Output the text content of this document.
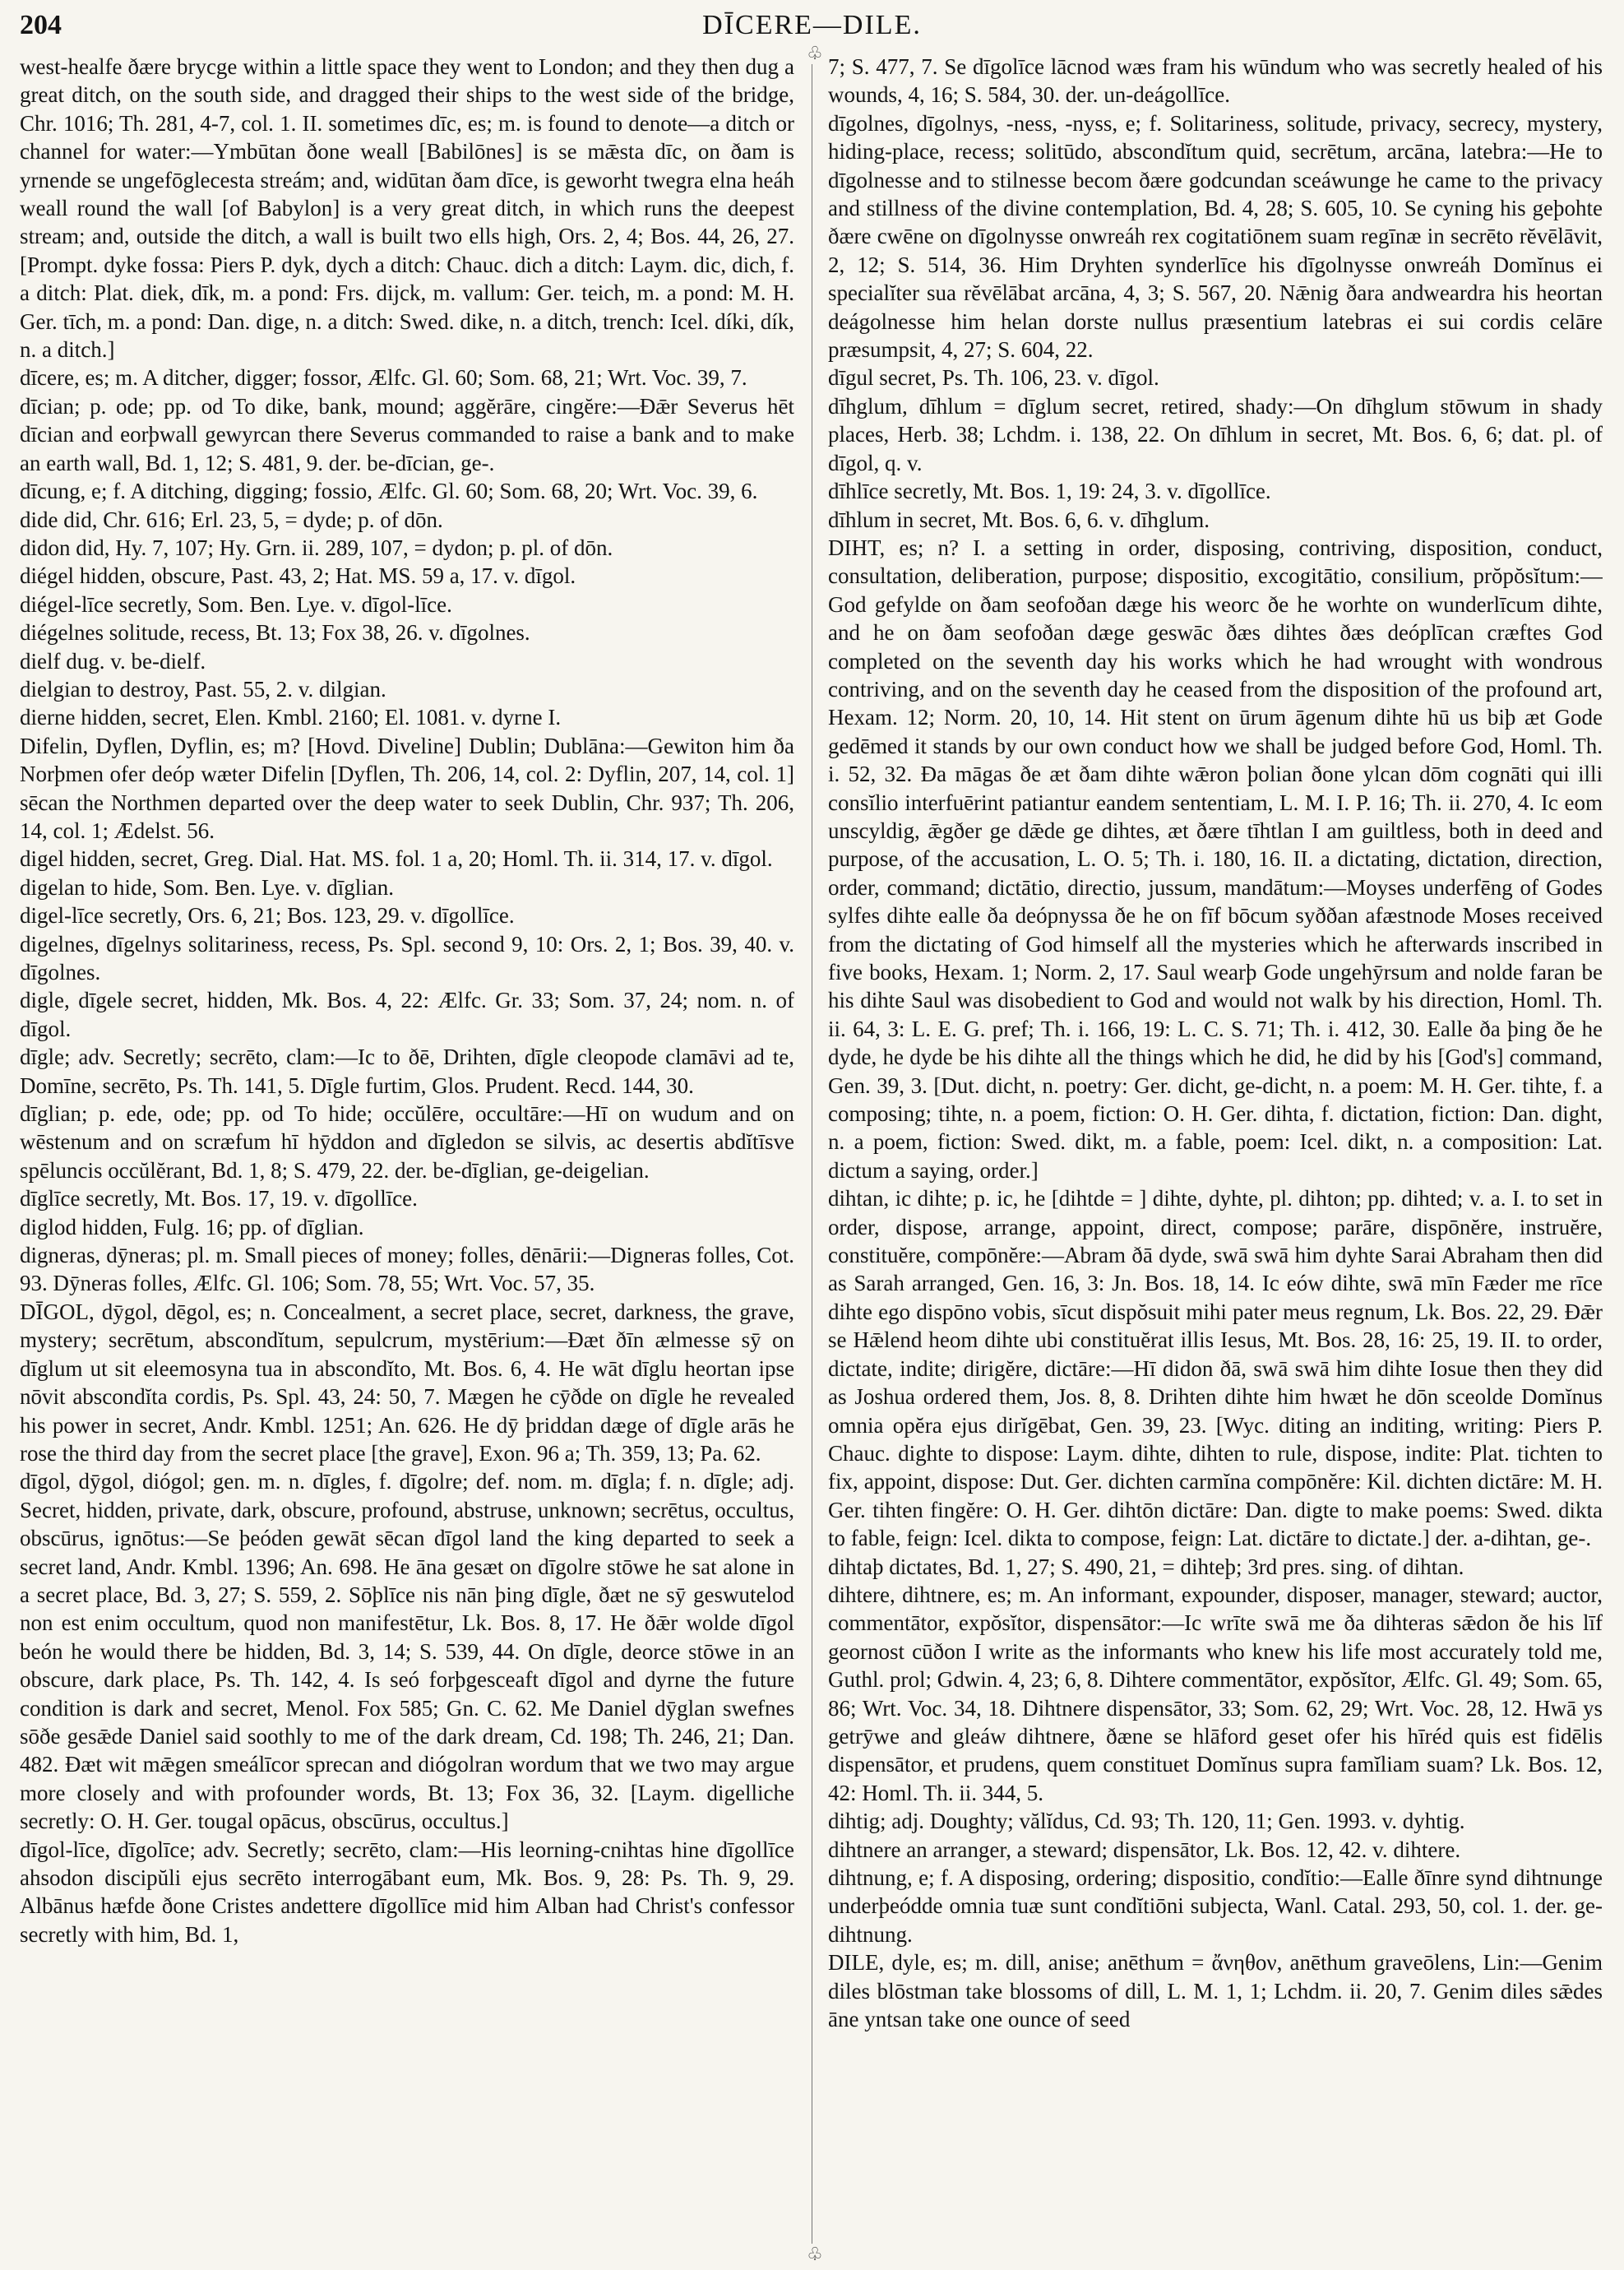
204	DĪCERE—DILE.

west-healfe ðære brycge within a little space they went to London; and they then dug a great ditch, on the south side, and dragged their ships to the west side of the bridge, Chr. 1016; Th. 281, 4-7, col. 1. II. sometimes dīc, es; m. is found to denote—a ditch or channel for water:—Ymbūtan ðone weall [Babilōnes] is se mǣsta dīc, on ðam is yrnende se ungefōglecesta streám; and, widūtan ðam dīce, is geworht twegra elna heáh weall round the wall [of Babylon] is a very great ditch, in which runs the deepest stream; and, outside the ditch, a wall is built two ells high, Ors. 2, 4; Bos. 44, 26, 27. [Prompt. dyke fossa: Piers P. dyk, dych a ditch: Chauc. dich a ditch: Laym. dic, dich, f. a ditch: Plat. diek, dīk, m. a pond: Frs. dijck, m. vallum: Ger. teich, m. a pond: M. H. Ger. tīch, m. a pond: Dan. dige, n. a ditch: Swed. dike, n. a ditch, trench: Icel. díki, dík, n. a ditch.]

dīcere, es; m. A ditcher, digger; fossor, Ælfc. Gl. 60; Som. 68, 21; Wrt. Voc. 39, 7.

dīcian; p. ode; pp. od To dike, bank, mound; aggĕrāre, cingĕre:—Ðǣr Severus hēt dīcian and eorþwall gewyrcan there Severus commanded to raise a bank and to make an earth wall, Bd. 1, 12; S. 481, 9. der. be-dīcian, ge-.

dīcung, e; f. A ditching, digging; fossio, Ælfc. Gl. 60; Som. 68, 20; Wrt. Voc. 39, 6.

dide did, Chr. 616; Erl. 23, 5, = dyde; p. of dōn.

didon did, Hy. 7, 107; Hy. Grn. ii. 289, 107, = dydon; p. pl. of dōn.

diégel hidden, obscure, Past. 43, 2; Hat. MS. 59 a, 17. v. dīgol.

diégel-līce secretly, Som. Ben. Lye. v. dīgol-līce.

diégelnes solitude, recess, Bt. 13; Fox 38, 26. v. dīgolnes.

dielf dug. v. be-dielf.

dielgian to destroy, Past. 55, 2. v. dilgian.

dierne hidden, secret, Elen. Kmbl. 2160; El. 1081. v. dyrne I.

Difelin, Dyflen, Dyflin, es; m? [Hovd. Diveline] Dublin; Dublāna:—Gewiton him ða Norþmen ofer deóp wæter Difelin [Dyflen, Th. 206, 14, col. 2: Dyflin, 207, 14, col. 1] sēcan the Northmen departed over the deep water to seek Dublin, Chr. 937; Th. 206, 14, col. 1; Ædelst. 56.

digel hidden, secret, Greg. Dial. Hat. MS. fol. 1 a, 20; Homl. Th. ii. 314, 17. v. dīgol.

digelan to hide, Som. Ben. Lye. v. dīglian.

digel-līce secretly, Ors. 6, 21; Bos. 123, 29. v. dīgollīce.

digelnes, dīgelnys solitariness, recess, Ps. Spl. second 9, 10: Ors. 2, 1; Bos. 39, 40. v. dīgolnes.

digle, dīgele secret, hidden, Mk. Bos. 4, 22: Ælfc. Gr. 33; Som. 37, 24; nom. n. of dīgol.

dīgle; adv. Secretly; secrēto, clam:—Ic to ðē, Drihten, dīgle cleopode clamāvi ad te, Domīne, secrēto, Ps. Th. 141, 5. Dīgle furtim, Glos. Prudent. Recd. 144, 30.

dīglian; p. ede, ode; pp. od To hide; occŭlēre, occultāre:—Hī on wudum and on wēstenum and on scræfum hī hȳddon and dīgledon se silvis, ac desertis abdĭtīsve spēluncis occŭlĕrant, Bd. 1, 8; S. 479, 22. der. be-dīglian, ge-deigelian.

dīglīce secretly, Mt. Bos. 17, 19. v. dīgollīce.

diglod hidden, Fulg. 16; pp. of dīglian.

digneras, dȳneras; pl. m. Small pieces of money; folles, dēnārii:—Digneras folles, Cot. 93. Dȳneras folles, Ælfc. Gl. 106; Som. 78, 55; Wrt. Voc. 57, 35.

DĪGOL, dȳgol, dēgol, es; n. Concealment, a secret place, secret, darkness, the grave, mystery; secrētum, abscondĭtum, sepulcrum, mystērium:—Ðæt ðīn ælmesse sȳ on dīglum ut sit eleemosyna tua in abscondĭto, Mt. Bos. 6, 4. He wāt dīglu heortan ipse nōvit abscondĭta cordis, Ps. Spl. 43, 24: 50, 7. Mægen he cȳðde on dīgle he revealed his power in secret, Andr. Kmbl. 1251; An. 626. He dȳ þriddan dæge of dīgle arās he rose the third day from the secret place [the grave], Exon. 96 a; Th. 359, 13; Pa. 62.

dīgol, dȳgol, diógol; gen. m. n. dīgles, f. dīgolre; def. nom. m. dīgla; f. n. dīgle; adj. Secret, hidden, private, dark, obscure, profound, abstruse, unknown; secrētus, occultus, obscūrus, ignōtus:—Se þeóden gewāt sēcan dīgol land the king departed to seek a secret land, Andr. Kmbl. 1396; An. 698. He āna gesæt on dīgolre stōwe he sat alone in a secret place, Bd. 3, 27; S. 559, 2. Sōþlīce nis nān þing dīgle, ðæt ne sȳ geswutelod non est enim occultum, quod non manifestētur, Lk. Bos. 8, 17. He ðǣr wolde dīgol beón he would there be hidden, Bd. 3, 14; S. 539, 44. On dīgle, deorce stōwe in an obscure, dark place, Ps. Th. 142, 4. Is seó forþgesceaft dīgol and dyrne the future condition is dark and secret, Menol. Fox 585; Gn. C. 62. Me Daniel dȳglan swefnes sōðe gesǣde Daniel said soothly to me of the dark dream, Cd. 198; Th. 246, 21; Dan. 482. Ðæt wit mǣgen smeálīcor sprecan and diógolran wordum that we two may argue more closely and with profounder words, Bt. 13; Fox 36, 32. [Laym. digelliche secretly: O. H. Ger. tougal opācus, obscūrus, occultus.]

dīgol-līce, dīgolīce; adv. Secretly; secrēto, clam:—His leorning-cnihtas hine dīgollīce ahsodon discipŭli ejus secrēto interrogābant eum, Mk. Bos. 9, 28: Ps. Th. 9, 29. Albānus hæfde ðone Cristes andettere dīgollīce mid him Alban had Christ's confessor secretly with him, Bd. 1,

♧
♧

7; S. 477, 7. Se dīgolīce lācnod wæs fram his wūndum who was secretly healed of his wounds, 4, 16; S. 584, 30. der. un-deágollīce.

dīgolnes, dīgolnys, -ness, -nyss, e; f. Solitariness, solitude, privacy, secrecy, mystery, hiding-place, recess; solitūdo, abscondĭtum quid, secrētum, arcāna, latebra:—He to dīgolnesse and to stilnesse becom ðære godcundan sceáwunge he came to the privacy and stillness of the divine contemplation, Bd. 4, 28; S. 605, 10. Se cyning his geþohte ðære cwēne on dīgolnysse onwreáh rex cogitatiōnem suam regīnæ in secrēto rĕvēlāvit, 2, 12; S. 514, 36. Him Dryhten synderlīce his dīgolnysse onwreáh Domĭnus ei specialĭter sua rĕvēlābat arcāna, 4, 3; S. 567, 20. Nǣnig ðara andweardra his heortan deágolnesse him helan dorste nullus præsentium latebras ei sui cordis celāre præsumpsit, 4, 27; S. 604, 22.

dīgul secret, Ps. Th. 106, 23. v. dīgol.

dīhglum, dīhlum = dīglum secret, retired, shady:—On dīhglum stōwum in shady places, Herb. 38; Lchdm. i. 138, 22. On dīhlum in secret, Mt. Bos. 6, 6; dat. pl. of dīgol, q. v.

dīhlīce secretly, Mt. Bos. 1, 19: 24, 3. v. dīgollīce.

dīhlum in secret, Mt. Bos. 6, 6. v. dīhglum.

DIHT, es; n? I. a setting in order, disposing, contriving, disposition, conduct, consultation, deliberation, purpose; dispositio, excogitātio, consilium, prŏpŏsĭtum:—God gefylde on ðam seofoðan dæge his weorc ðe he worhte on wunderlīcum dihte, and he on ðam seofoðan dæge geswāc ðæs dihtes ðæs deóplīcan cræftes God completed on the seventh day his works which he had wrought with wondrous contriving, and on the seventh day he ceased from the disposition of the profound art, Hexam. 12; Norm. 20, 10, 14. Hit stent on ūrum āgenum dihte hū us biþ æt Gode gedēmed it stands by our own conduct how we shall be judged before God, Homl. Th. i. 52, 32. Ða māgas ðe æt ðam dihte wǣron þolian ðone ylcan dōm cognāti qui illi consĭlio interfuērint patiantur eandem sententiam, L. M. I. P. 16; Th. ii. 270, 4. Ic eom unscyldig, ǣgðer ge dǣde ge dihtes, æt ðære tīhtlan I am guiltless, both in deed and purpose, of the accusation, L. O. 5; Th. i. 180, 16. II. a dictating, dictation, direction, order, command; dictātio, directio, jussum, mandātum:—Moyses underfēng of Godes sylfes dihte ealle ða deópnyssa ðe he on fīf bōcum syððan afæstnode Moses received from the dictating of God himself all the mysteries which he afterwards inscribed in five books, Hexam. 1; Norm. 2, 17. Saul wearþ Gode ungehȳrsum and nolde faran be his dihte Saul was disobedient to God and would not walk by his direction, Homl. Th. ii. 64, 3: L. E. G. pref; Th. i. 166, 19: L. C. S. 71; Th. i. 412, 30. Ealle ða þing ðe he dyde, he dyde be his dihte all the things which he did, he did by his [God's] command, Gen. 39, 3. [Dut. dicht, n. poetry: Ger. dicht, ge-dicht, n. a poem: M. H. Ger. tihte, f. a composing; tihte, n. a poem, fiction: O. H. Ger. dihta, f. dictation, fiction: Dan. dight, n. a poem, fiction: Swed. dikt, m. a fable, poem: Icel. dikt, n. a composition: Lat. dictum a saying, order.]

dihtan, ic dihte; p. ic, he [dihtde = ] dihte, dyhte, pl. dihton; pp. dihted; v. a. I. to set in order, dispose, arrange, appoint, direct, compose; parāre, dispōnĕre, instruĕre, constituĕre, compōnĕre:—Abram ðā dyde, swā swā him dyhte Sarai Abraham then did as Sarah arranged, Gen. 16, 3: Jn. Bos. 18, 14. Ic eów dihte, swā mīn Fæder me rīce dihte ego dispōno vobis, sīcut dispŏsuit mihi pater meus regnum, Lk. Bos. 22, 29. Ðǣr se Hǣlend heom dihte ubi constituĕrat illis Iesus, Mt. Bos. 28, 16: 25, 19. II. to order, dictate, indite; dirigĕre, dictāre:—Hī didon ðā, swā swā him dihte Iosue then they did as Joshua ordered them, Jos. 8, 8. Drihten dihte him hwæt he dōn sceolde Domĭnus omnia opĕra ejus dirĭgēbat, Gen. 39, 23. [Wyc. diting an inditing, writing: Piers P. Chauc. dighte to dispose: Laym. dihte, dihten to rule, dispose, indite: Plat. tichten to fix, appoint, dispose: Dut. Ger. dichten carmĭna compōnĕre: Kil. dichten dictāre: M. H. Ger. tihten fingĕre: O. H. Ger. dihtōn dictāre: Dan. digte to make poems: Swed. dikta to fable, feign: Icel. dikta to compose, feign: Lat. dictāre to dictate.] der. a-dihtan, ge-.

dihtaþ dictates, Bd. 1, 27; S. 490, 21, = dihteþ; 3rd pres. sing. of dihtan.

dihtere, dihtnere, es; m. An informant, expounder, disposer, manager, steward; auctor, commentātor, expŏsĭtor, dispensātor:—Ic wrīte swā me ða dihteras sǣdon ðe his līf geornost cūðon I write as the informants who knew his life most accurately told me, Guthl. prol; Gdwin. 4, 23; 6, 8. Dihtere commentātor, expŏsĭtor, Ælfc. Gl. 49; Som. 65, 86; Wrt. Voc. 34, 18. Dihtnere dispensātor, 33; Som. 62, 29; Wrt. Voc. 28, 12. Hwā ys getrȳwe and gleáw dihtnere, ðæne se hlāford geset ofer his hīréd quis est fidēlis dispensātor, et prudens, quem constituet Domĭnus supra famĭliam suam? Lk. Bos. 12, 42: Homl. Th. ii. 344, 5.

dihtig; adj. Doughty; vălĭdus, Cd. 93; Th. 120, 11; Gen. 1993. v. dyhtig.

dihtnere an arranger, a steward; dispensātor, Lk. Bos. 12, 42. v. dihtere.

dihtnung, e; f. A disposing, ordering; dispositio, condĭtio:—Ealle ðīnre synd dihtnunge underþeódde omnia tuæ sunt condĭtiōni subjecta, Wanl. Catal. 293, 50, col. 1. der. ge-dihtnung.

DILE, dyle, es; m. dill, anise; anēthum = ἄνηθον, anēthum graveōlens, Lin:—Genim diles blōstman take blossoms of dill, L. M. 1, 1; Lchdm. ii. 20, 7. Genim diles sǣdes āne yntsan take one ounce of seed
